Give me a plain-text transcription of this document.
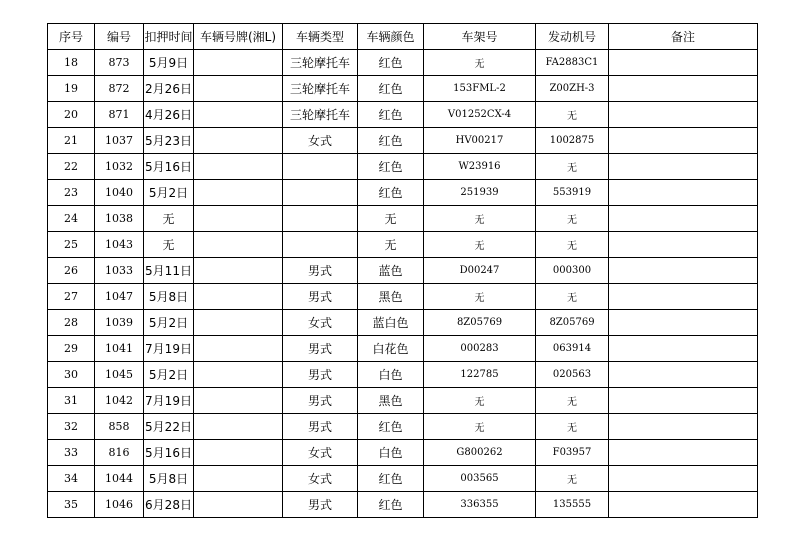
序号	编号	扣押时间	车辆号牌(湘L)	车辆类型	车辆颜色	车架号	发动机号	备注
18	873	5月9日		三轮摩托车	红色	无	FA2883C1	
19	872	2月26日		三轮摩托车	红色	153FML-2	Z00ZH-3	
20	871	4月26日		三轮摩托车	红色	V01252CX-4	无	
21	1037	5月23日		女式	红色	HV00217	1002875	
22	1032	5月16日			红色	W23916	无	
23	1040	5月2日			红色	251939	553919	
24	1038	无			无	无	无	
25	1043	无			无	无	无	
26	1033	5月11日		男式	蓝色	D00247	000300	
27	1047	5月8日		男式	黑色	无	无	
28	1039	5月2日		女式	蓝白色	8Z05769	8Z05769	
29	1041	7月19日		男式	白花色	000283	063914	
30	1045	5月2日		男式	白色	122785	020563	
31	1042	7月19日		男式	黑色	无	无	
32	858	5月22日		男式	红色	无	无	
33	816	5月16日		女式	白色	G800262	F03957	
34	1044	5月8日		女式	红色	003565	无	
35	1046	6月28日		男式	红色	336355	135555	
